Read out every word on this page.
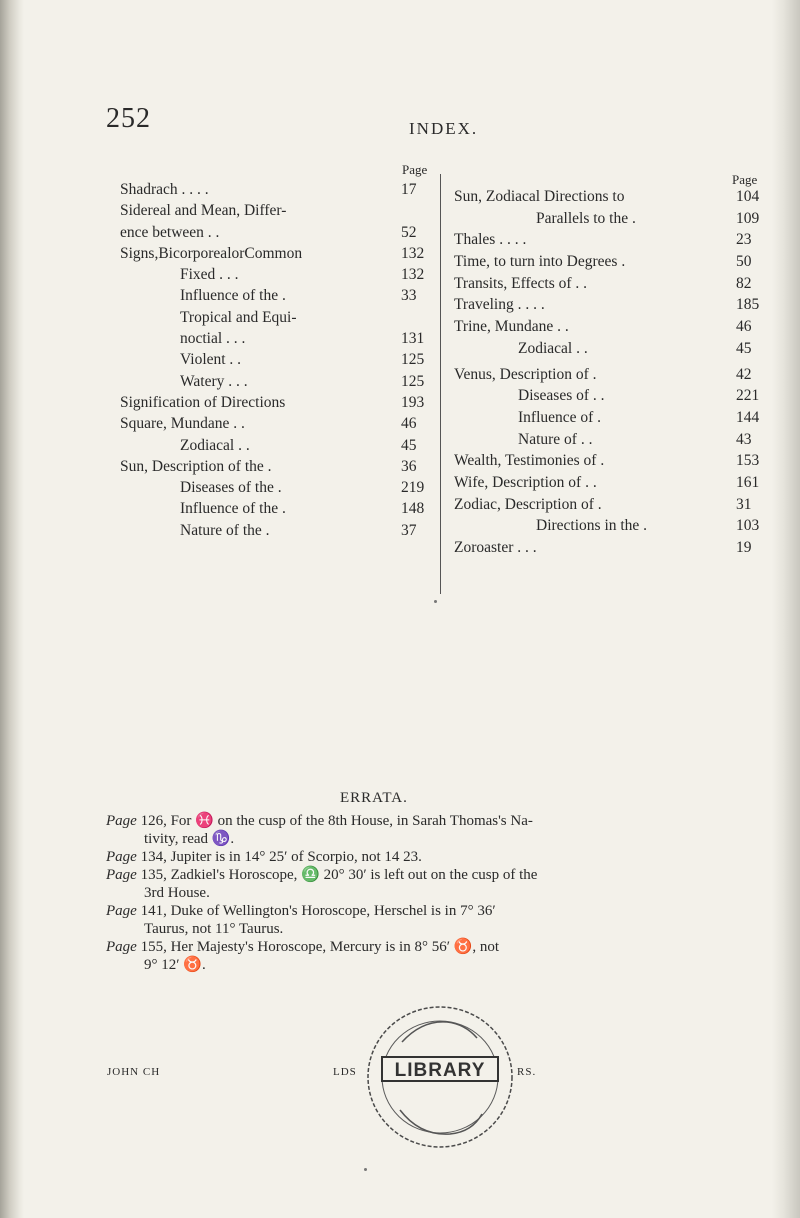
252	INDEX.
Page
Shadrach . . . .	17
Sidereal and Mean, Differ-
ence between . .	52
Signs,BicorporealorCommon	132
Fixed . . .	132
Influence of the .	33
Tropical and Equi-
noctial . . .	131
Violent . .	125
Watery . . .	125
Signification of Directions	193
Square, Mundane . .	46
Zodiacal . .	45
Sun, Description of the .	36
Diseases of the .	219
Influence of the .	148
Nature of the .	37
Page
Sun, Zodiacal Directions to	104
Parallels to the .	109
Thales . . . .	23
Time, to turn into Degrees .	50
Transits, Effects of . .	82
Traveling . . . .	185
Trine, Mundane . .	46
Zodiacal . .	45
Venus, Description of .	42
Diseases of . .	221
Influence of .	144
Nature of . .	43
Wealth, Testimonies of .	153
Wife, Description of . .	161
Zodiac, Description of .	31
Directions in the .	103
Zoroaster . . .	19
ERRATA.

Page 126, For ♓ on the cusp of the 8th House, in Sarah Thomas's Na-
tivity, read ♑.

Page 134, Jupiter is in 14° 25′ of Scorpio, not 14 23.

Page 135, Zadkiel's Horoscope, ♎ 20° 30′ is left out on the cusp of the
3rd House.

Page 141, Duke of Wellington's Horoscope, Herschel is in 7° 36′
Taurus, not 11° Taurus.

Page 155, Her Majesty's Horoscope, Mercury is in 8° 56′ ♉, not
9° 12′ ♉.

JOHN CH	LDS	RS.
LIBRARY
